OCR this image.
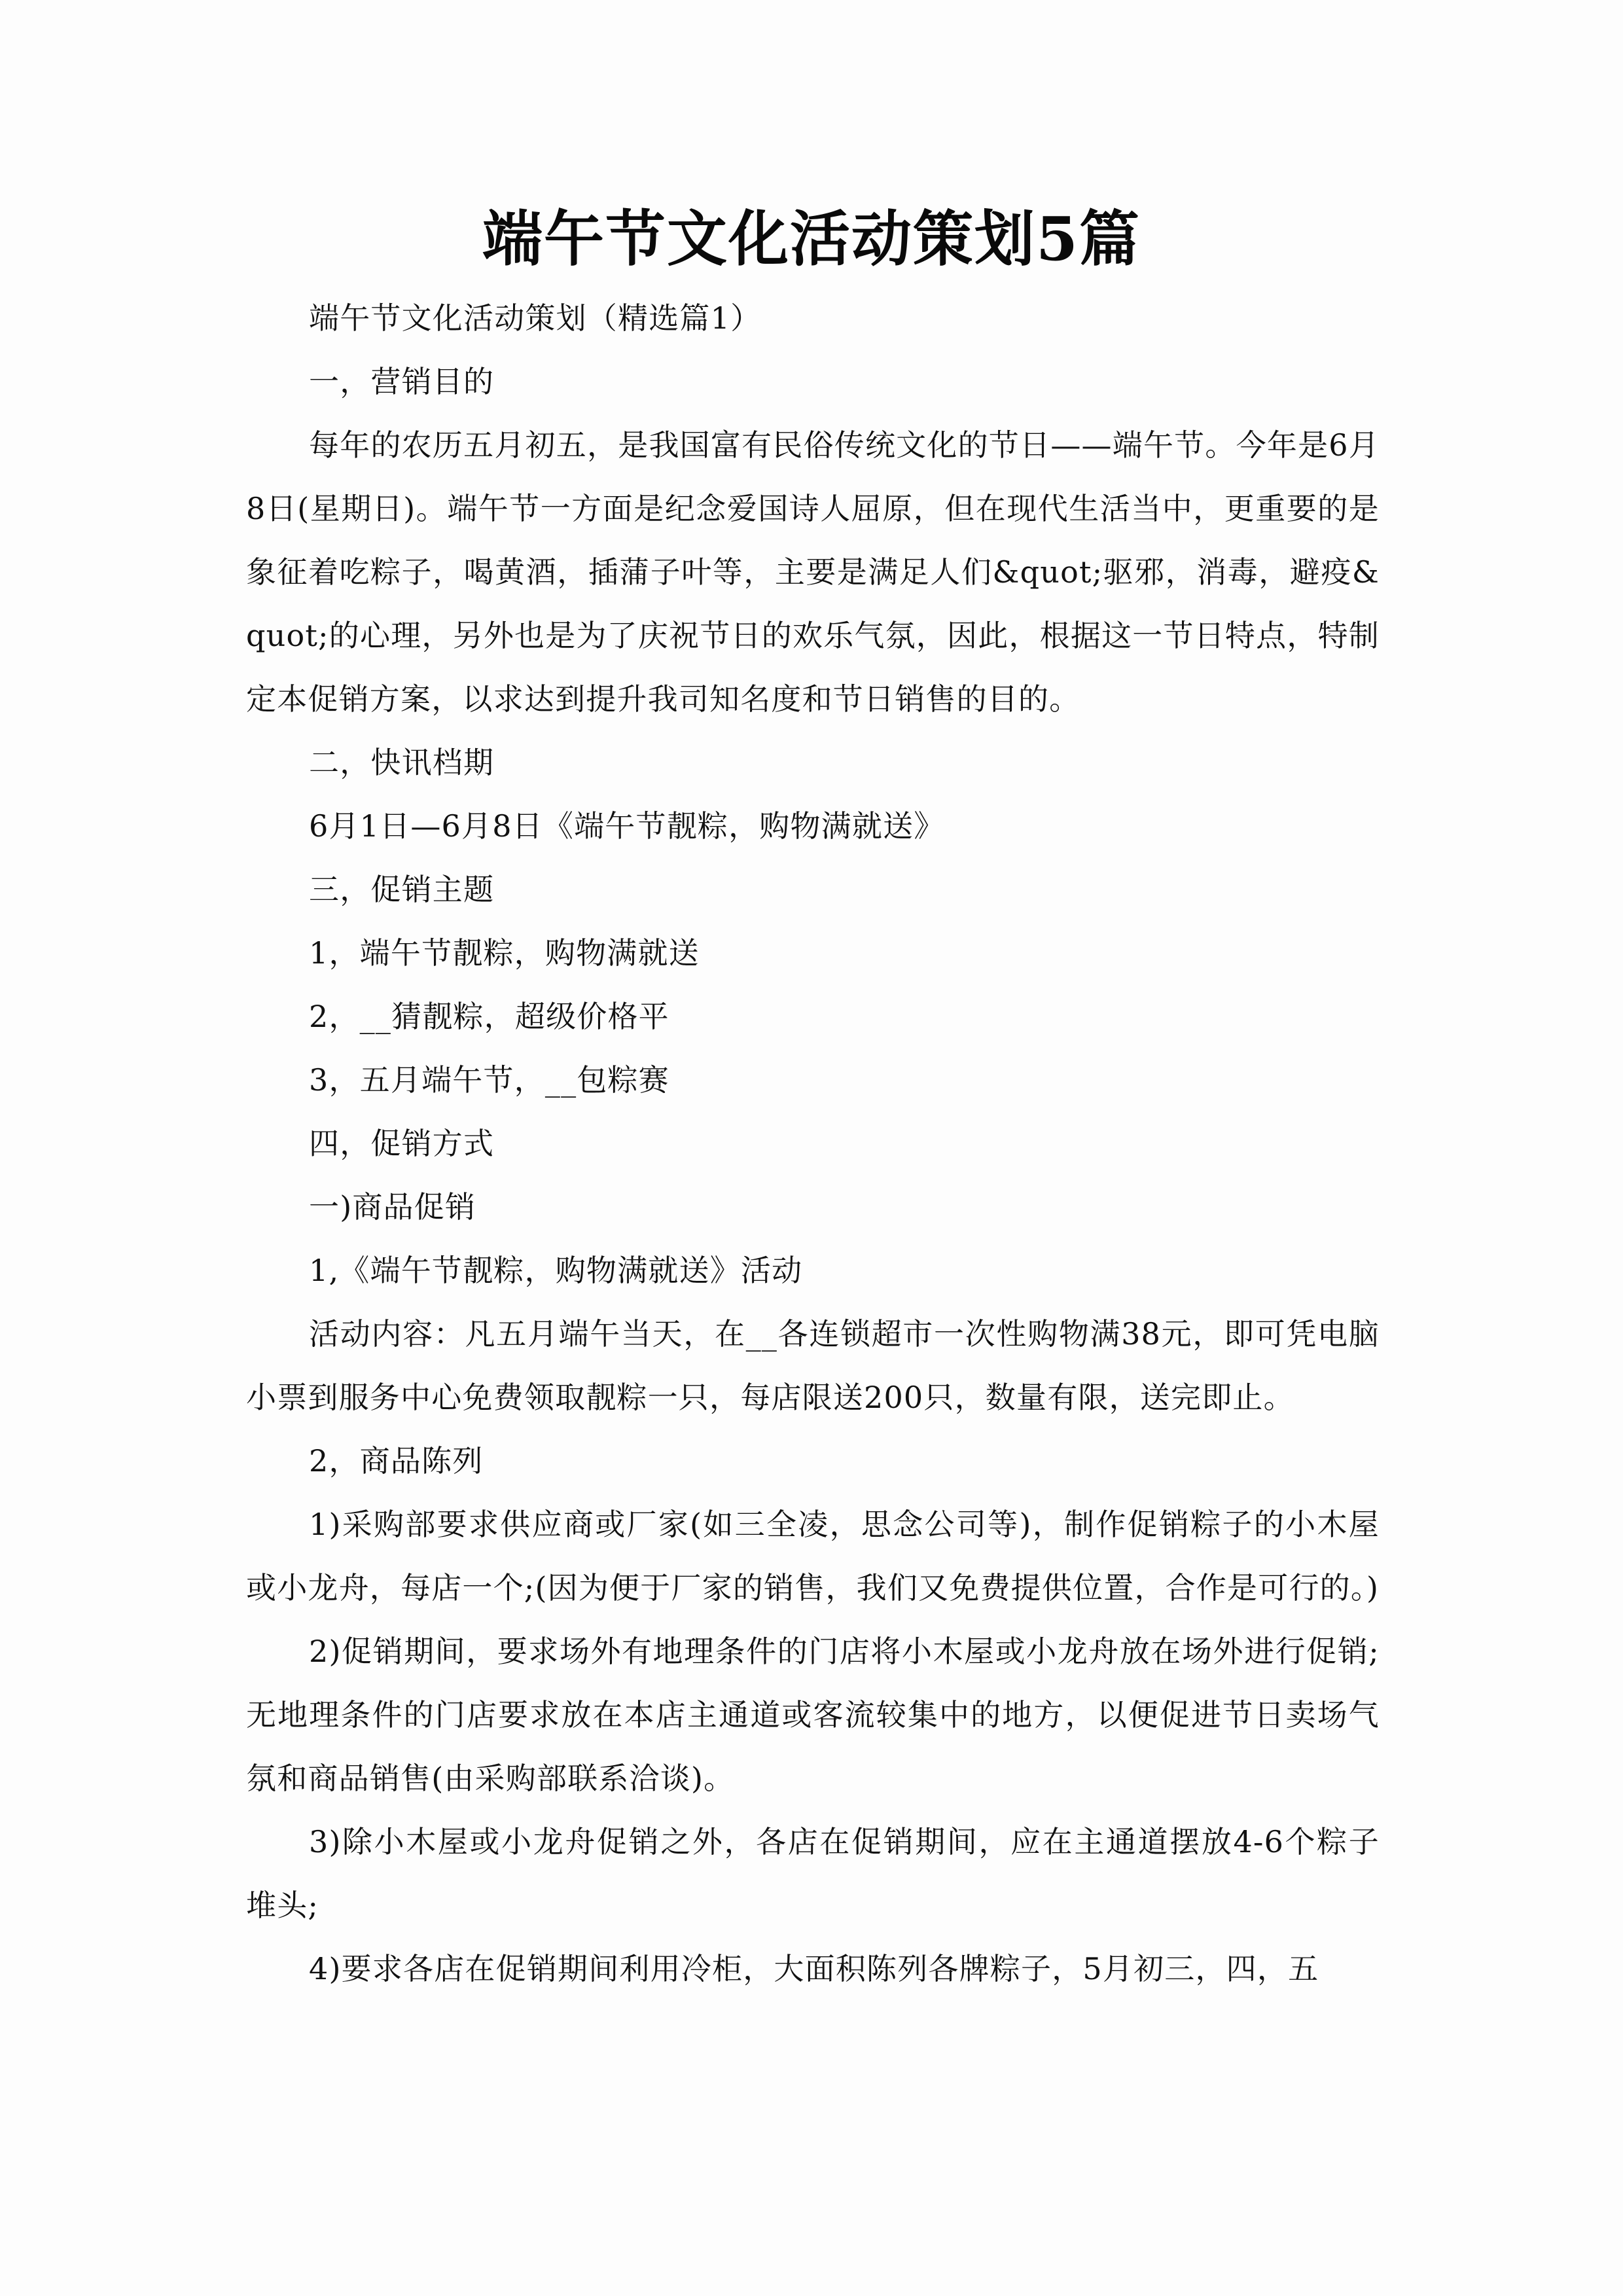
端午节文化活动策划5篇

端午节文化活动策划（精选篇1）

一，营销目的

每年的农历五月初五，是我国富有民俗传统文化的节日——端午节。今年是6月8日(星期日)。端午节一方面是纪念爱国诗人屈原，但在现代生活当中，更重要的是象征着吃粽子，喝黄酒，插蒲子叶等，主要是满足人们&quot;驱邪，消毒，避疫&quot;的心理，另外也是为了庆祝节日的欢乐气氛，因此，根据这一节日特点，特制定本促销方案，以求达到提升我司知名度和节日销售的目的。

二，快讯档期

6月1日—6月8日《端午节靓粽，购物满就送》

三，促销主题

1，端午节靓粽，购物满就送

2，__猜靓粽，超级价格平

3，五月端午节，__包粽赛

四，促销方式

一)商品促销

1,《端午节靓粽，购物满就送》活动

活动内容：凡五月端午当天，在__各连锁超市一次性购物满38元，即可凭电脑小票到服务中心免费领取靓粽一只，每店限送200只，数量有限，送完即止。

2，商品陈列

1)采购部要求供应商或厂家(如三全凌，思念公司等)，制作促销粽子的小木屋或小龙舟，每店一个;(因为便于厂家的销售，我们又免费提供位置，合作是可行的。)

2)促销期间，要求场外有地理条件的门店将小木屋或小龙舟放在场外进行促销;无地理条件的门店要求放在本店主通道或客流较集中的地方，以便促进节日卖场气氛和商品销售(由采购部联系洽谈)。

3)除小木屋或小龙舟促销之外，各店在促销期间，应在主通道摆放4-6个粽子堆头;

4)要求各店在促销期间利用冷柜，大面积陈列各牌粽子，5月初三，四，五
